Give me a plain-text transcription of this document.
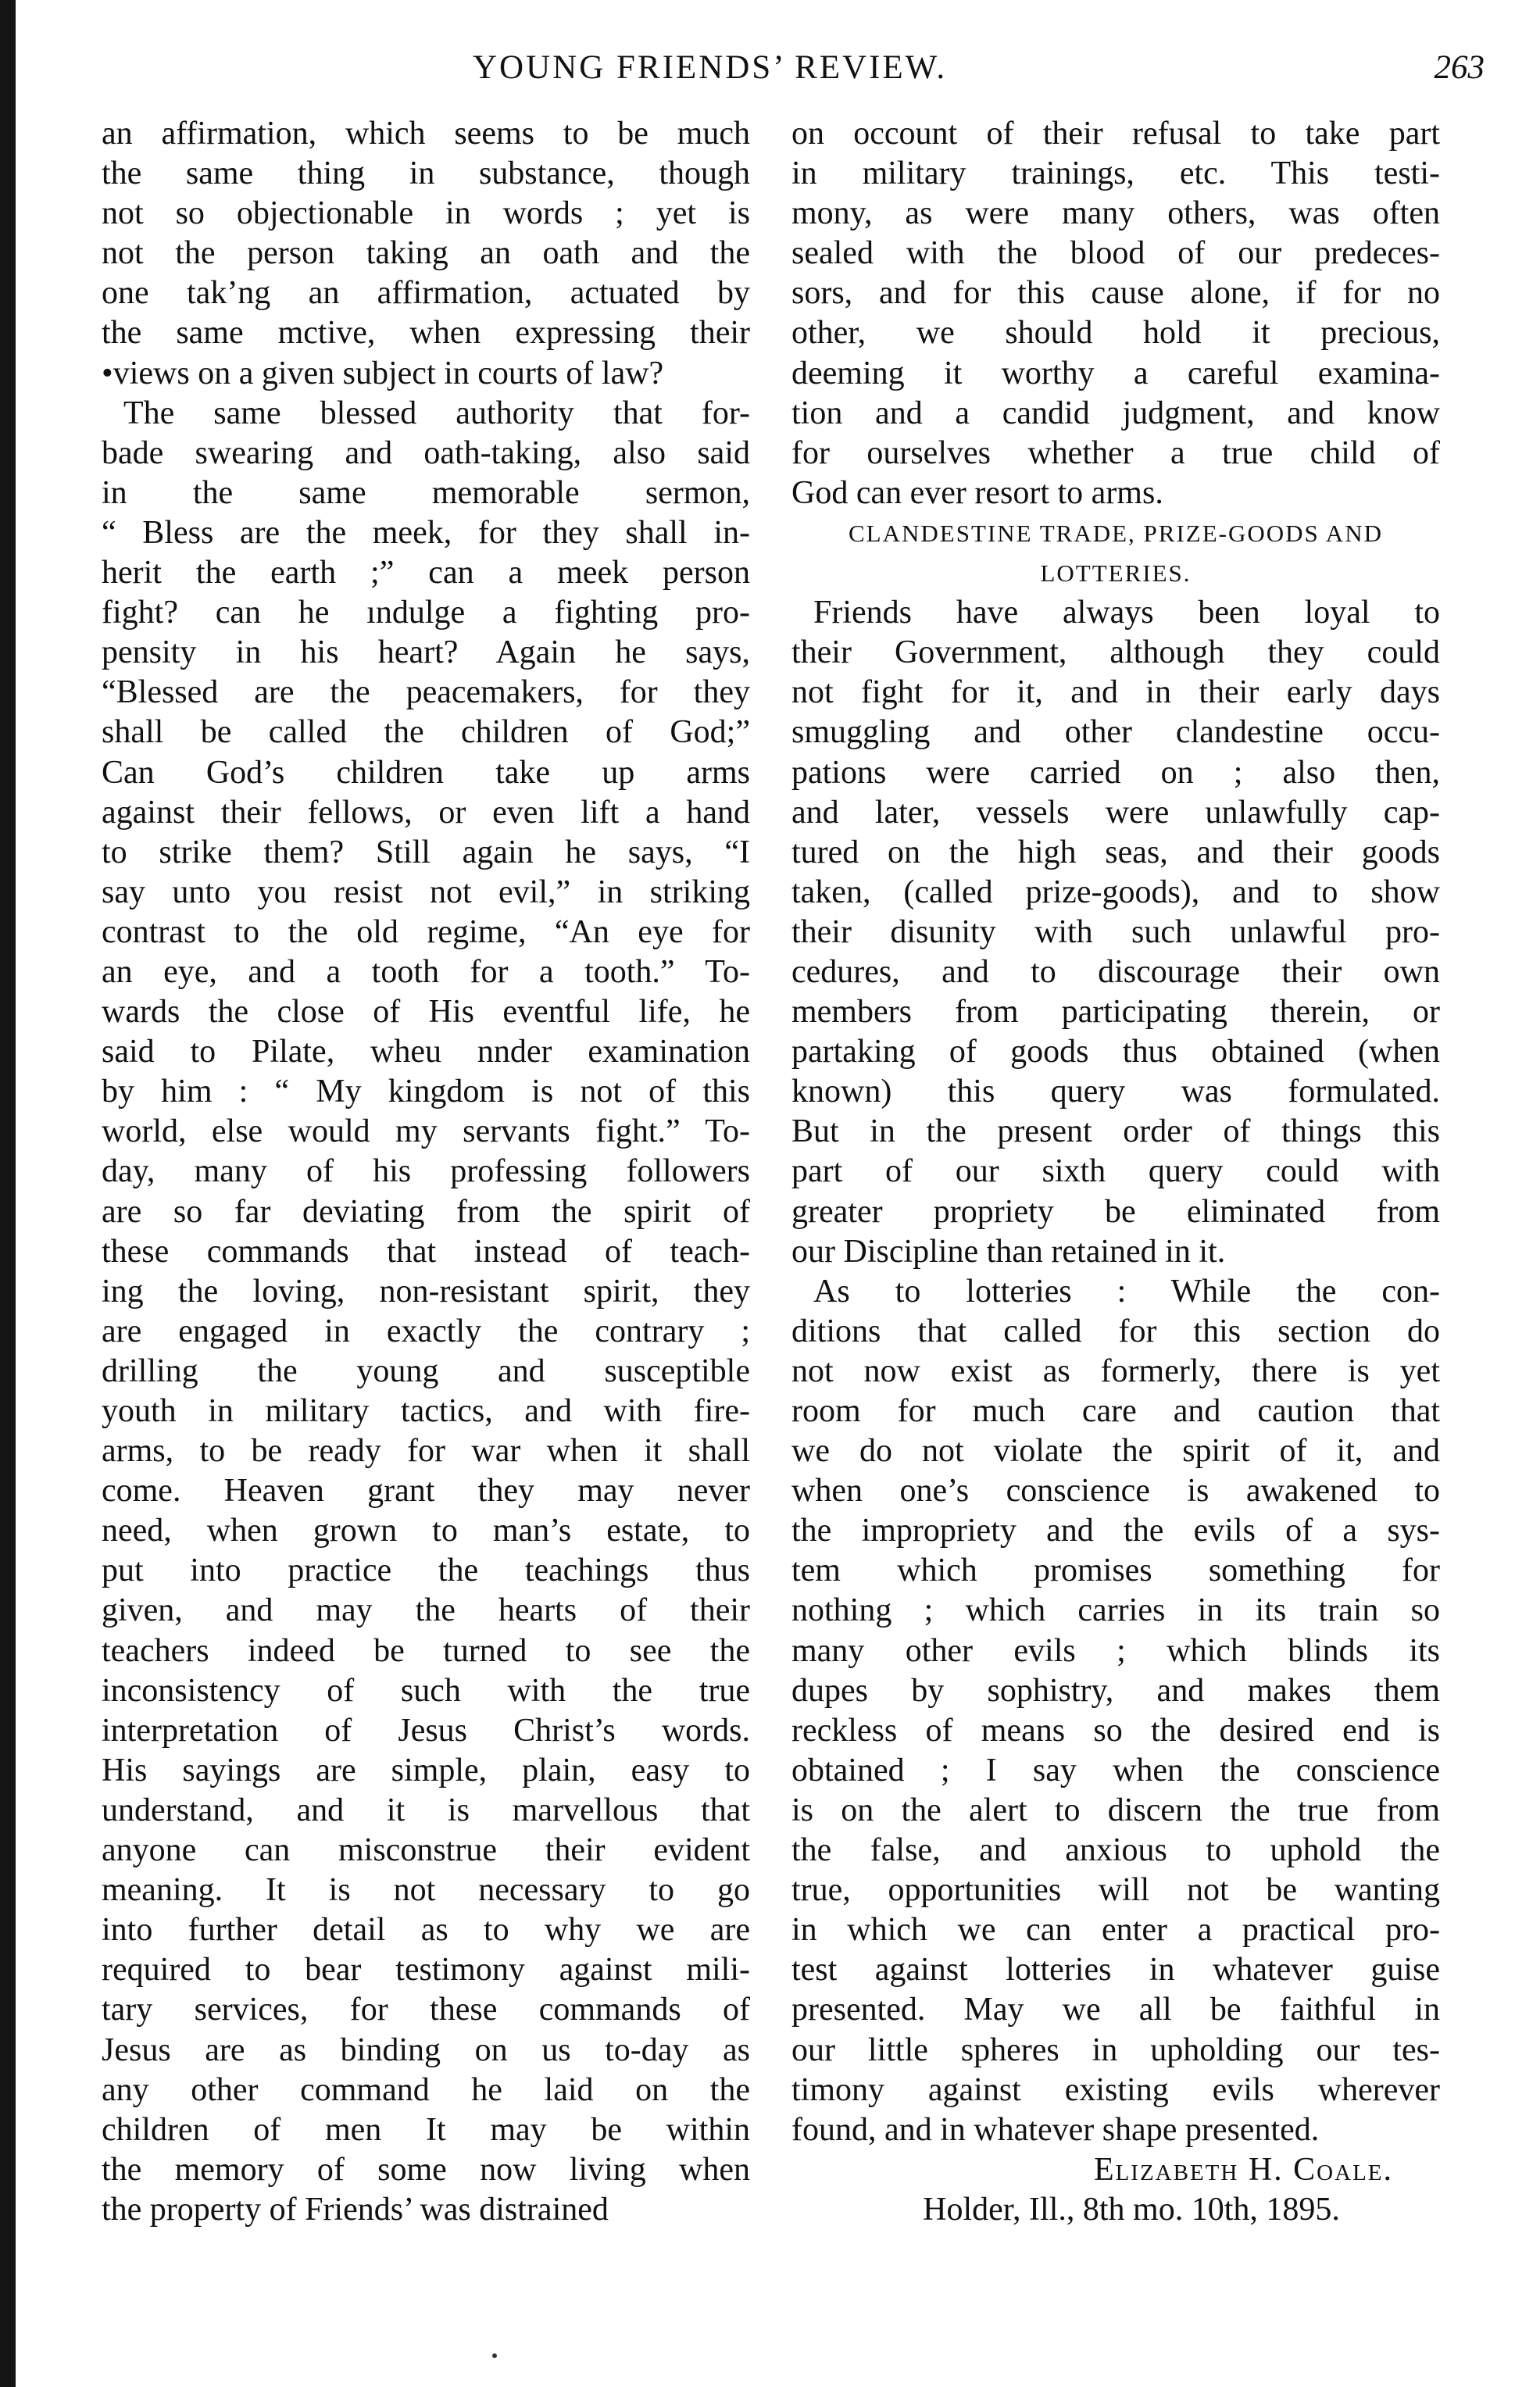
YOUNG FRIENDS’ REVIEW.	263

an affirmation, which seems to be much
the same thing in substance, though
not so objectionable in words ; yet is
not the person taking an oath and the
one tak’ng an affirmation, actuated by
the same mctive, when expressing their
•views on a given subject in courts of law?

The same blessed authority that for-
bade swearing and oath-taking, also said
in the same memorable sermon,
“ Bless are the meek, for they shall in-
herit the earth ;” can a meek person
fight? can he ındulge a fighting pro-
pensity in his heart? Again he says,
“Blessed are the peacemakers, for they
shall be called the children of God;”
Can God’s children take up arms
against their fellows, or even lift a hand
to strike them? Still again he says, “I
say unto you resist not evil,” in striking
contrast to the old regime, “An eye for
an eye, and a tooth for a tooth.” To-
wards the close of His eventful life, he
said to Pilate, wheu nnder examination
by him : “ My kingdom is not of this
world, else would my servants fight.” To-
day, many of his professing followers
are so far deviating from the spirit of
these commands that instead of teach-
ing the loving, non-resistant spirit, they
are engaged in exactly the contrary ;
drilling the young and susceptible
youth in military tactics, and with fire-
arms, to be ready for war when it shall
come. Heaven grant they may never
need, when grown to man’s estate, to
put into practice the teachings thus
given, and may the hearts of their
teachers indeed be turned to see the
inconsistency of such with the true
interpretation of Jesus Christ’s words.
His sayings are simple, plain, easy to
understand, and it is marvellous that
anyone can misconstrue their evident
meaning. It is not necessary to go
into further detail as to why we are
required to bear testimony against mili-
tary services, for these commands of
Jesus are as binding on us to-day as
any other command he laid on the
children of men It may be within
the memory of some now living when
the property of Friends’ was distrained

on occount of their refusal to take part
in military trainings, etc. This testi-
mony, as were many others, was often
sealed with the blood of our predeces-
sors, and for this cause alone, if for no
other, we should hold it precious,
deeming it worthy a careful examina-
tion and a candid judgment, and know
for ourselves whether a true child of
God can ever resort to arms.

CLANDESTINE TRADE, PRIZE-GOODS AND
LOTTERIES.

Friends have always been loyal to
their Government, although they could
not fight for it, and in their early days
smuggling and other clandestine occu-
pations were carried on ; also then,
and later, vessels were unlawfully cap-
tured on the high seas, and their goods
taken, (called prize-goods), and to show
their disunity with such unlawful pro-
cedures, and to discourage their own
members from participating therein, or
partaking of goods thus obtained (when
known) this query was formulated.
But in the present order of things this
part of our sixth query could with
greater propriety be eliminated from
our Discipline than retained in it.

As to lotteries : While the con-
ditions that called for this section do
not now exist as formerly, there is yet
room for much care and caution that
we do not violate the spirit of it, and
when one’s conscience is awakened to
the impropriety and the evils of a sys-
tem which promises something for
nothing ; which carries in its train so
many other evils ; which blinds its
dupes by sophistry, and makes them
reckless of means so the desired end is
obtained ; I say when the conscience
is on the alert to discern the true from
the false, and anxious to uphold the
true, opportunities will not be wanting
in which we can enter a practical pro-
test against lotteries in whatever guise
presented. May we all be faithful in
our little spheres in upholding our tes-
timony against existing evils wherever
found, and in whatever shape presented.

Elizabeth H. Coale.
Holder, Ill., 8th mo. 10th, 1895.
